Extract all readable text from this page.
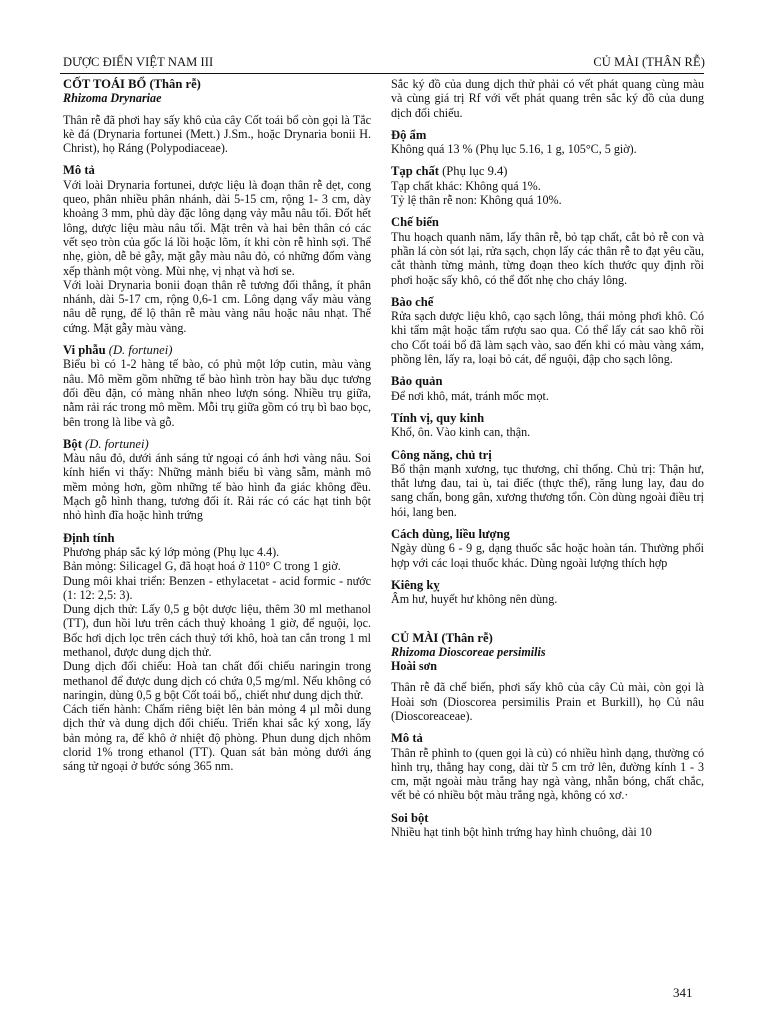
DƯỢC ĐIỂN VIỆT NAM III	CỦ MÀI (THÂN RỄ)

CỐT TOÁI BỔ (Thân rễ)

Rhizoma Drynariae

Thân rễ đã phơi hay sấy khô của cây Cốt toái bổ còn gọi là Tắc kè đá (Drynaria fortunei (Mett.) J.Sm., hoặc Drynaria bonii H. Christ), họ Ráng (Polypodiaceae).

Mô tả

Với loài Drynaria fortunei, dược liệu là đoạn thân rễ dẹt, cong queo, phân nhiều phân nhánh, dài 5-15 cm, rộng 1- 3 cm, dày khoảng 3 mm, phủ dày đặc lông dạng vảy mẫu nâu tối. Đốt hết lông, dược liệu màu nâu tối. Mặt trên và hai bên thân có các vết sẹo tròn của gốc lá lồi hoặc lõm, ít khi còn rễ hình sợi. Thể nhẹ, giòn, dễ bẻ gẫy, mặt gẫy màu nâu đỏ, có những đốm vàng xếp thành một vòng. Mùi nhẹ, vị nhạt và hơi se.

Với loài Drynaria bonii đoạn thân rễ tương đối thẳng, ít phân nhánh, dài 5-17 cm, rộng 0,6-1 cm. Lông dạng vẩy màu vàng nâu dễ rụng, để lộ thân rễ màu vàng nâu hoặc nâu nhạt. Thể cứng. Mặt gẫy màu vàng.

Vi phẫu (D. fortunei)

Biểu bì có 1-2 hàng tế bào, có phủ một lớp cutin, màu vàng nâu. Mô mềm gồm những tế bào hình tròn hay bầu dục tương đối đều đặn, có màng nhăn nheo lượn sóng. Nhiều trụ giữa, nằm rải rác trong mô mềm. Mỗi trụ giữa gồm có trụ bì bao bọc, bên trong là libe và gỗ.

Bột (D. fortunei)

Màu nâu đỏ, dưới ánh sáng tử ngoại có ánh hơi vàng nâu. Soi kính hiển vi thấy: Những mảnh biểu bì vàng sẫm, mảnh mô mềm mỏng hơn, gồm những tế bào hình đa giác không đều. Mạch gỗ hình thang, tương đối ít. Rải rác có các hạt tinh bột nhỏ hình đĩa hoặc hình trứng

Định tính

Phương pháp sắc ký lớp mỏng (Phụ lục 4.4).

Bản mỏng: Silicagel G, đã hoạt hoá ở 110° C trong 1 giờ.

Dung môi khai triển: Benzen - ethylacetat - acid formic - nước (1: 12: 2,5: 3).

Dung dịch thử: Lấy 0,5 g bột dược liệu, thêm 30 ml methanol (TT), đun hồi lưu trên cách thuỷ khoảng 1 giờ, để nguội, lọc. Bốc hơi dịch lọc trên cách thuỷ tới khô, hoà tan cắn trong 1 ml methanol, được dung dịch thử.

Dung dịch đối chiếu: Hoà tan chất đối chiếu naringin trong methanol để được dung dịch có chứa 0,5 mg/ml. Nếu không có naringin, dùng 0,5 g bột Cốt toái bổ,, chiết như dung dịch thử.

Cách tiến hành: Chấm riêng biệt lên bản mỏng 4 µl mỗi dung dịch thử và dung dịch đối chiếu. Triển khai sắc ký xong, lấy bản mỏng ra, để khô ở nhiệt độ phòng. Phun dung dịch nhôm clorid 1% trong ethanol (TT). Quan sát bản mỏng dưới áng sáng tử ngoại ở bước sóng 365 nm.

Sắc ký đồ của dung dịch thử phải có vết phát quang cùng màu và cùng giá trị Rf với vết phát quang trên sắc ký đồ của dung dịch đối chiếu.

Độ ẩm

Không quá 13 % (Phụ lục 5.16, 1 g, 105°C, 5 giờ).

Tạp chất (Phụ lục 9.4)

Tạp chất khác: Không quá 1%.

Tỷ lệ thân rễ non: Không quá 10%.

Chế biến

Thu hoạch quanh năm, lấy thân rễ, bỏ tạp chất, cắt bỏ rễ con và phần lá còn sót lại, rửa sạch, chọn lấy các thân rễ to đạt yêu cầu, cắt thành từng mảnh, từng đoạn theo kích thước quy định rồi phơi hoặc sấy khô, có thể đốt nhẹ cho cháy lông.

Bào chế

Rửa sạch dược liệu khô, cạo sạch lông, thái mỏng phơi khô. Có khi tẩm mật hoặc tẩm rượu sao qua. Có thể lấy cát sao khô rồi cho Cốt toái bổ đã làm sạch vào, sao đến khi có màu vàng xám, phồng lên, lấy ra, loại bỏ cát, để nguội, đập cho sạch lông.

Bảo quản

Để nơi khô, mát, tránh mốc mọt.

Tính vị, quy kinh

Khổ, ôn. Vào kinh can, thận.

Công năng, chủ trị

Bổ thận mạnh xương, tục thương, chỉ thống. Chủ trị: Thận hư, thắt lưng đau, tai ù, tai điếc (thực thể), răng lung lay, đau do sang chấn, bong gân, xương thương tổn. Còn dùng ngoài điều trị hói, lang ben.

Cách dùng, liều lượng

Ngày dùng 6 - 9 g, dạng thuốc sắc hoặc hoàn tán. Thường phối hợp với các loại thuốc khác. Dùng ngoài lượng thích hợp

Kiêng kỵ

Âm hư, huyết hư không nên dùng.

CỦ MÀI (Thân rễ)

Rhizoma Dioscoreae persimilis

Hoài sơn

Thân rễ đã chế biến, phơi sấy khô của cây Củ mài, còn gọi là Hoài sơn (Dioscorea persimilis Prain et Burkill), họ Củ nâu (Dioscoreaceae).

Mô tả

Thân rễ phình to (quen gọi là củ) có nhiều hình dạng, thường có hình trụ, thẳng hay cong, dài từ 5 cm trở lên, đường kính 1 - 3 cm, mặt ngoài màu trắng hay ngà vàng, nhẵn bóng, chất chắc, vết bẻ có nhiều bột màu trắng ngà, không có xơ.·

Soi bột

Nhiều hạt tinh bột hình trứng hay hình chuông, dài 10

341
